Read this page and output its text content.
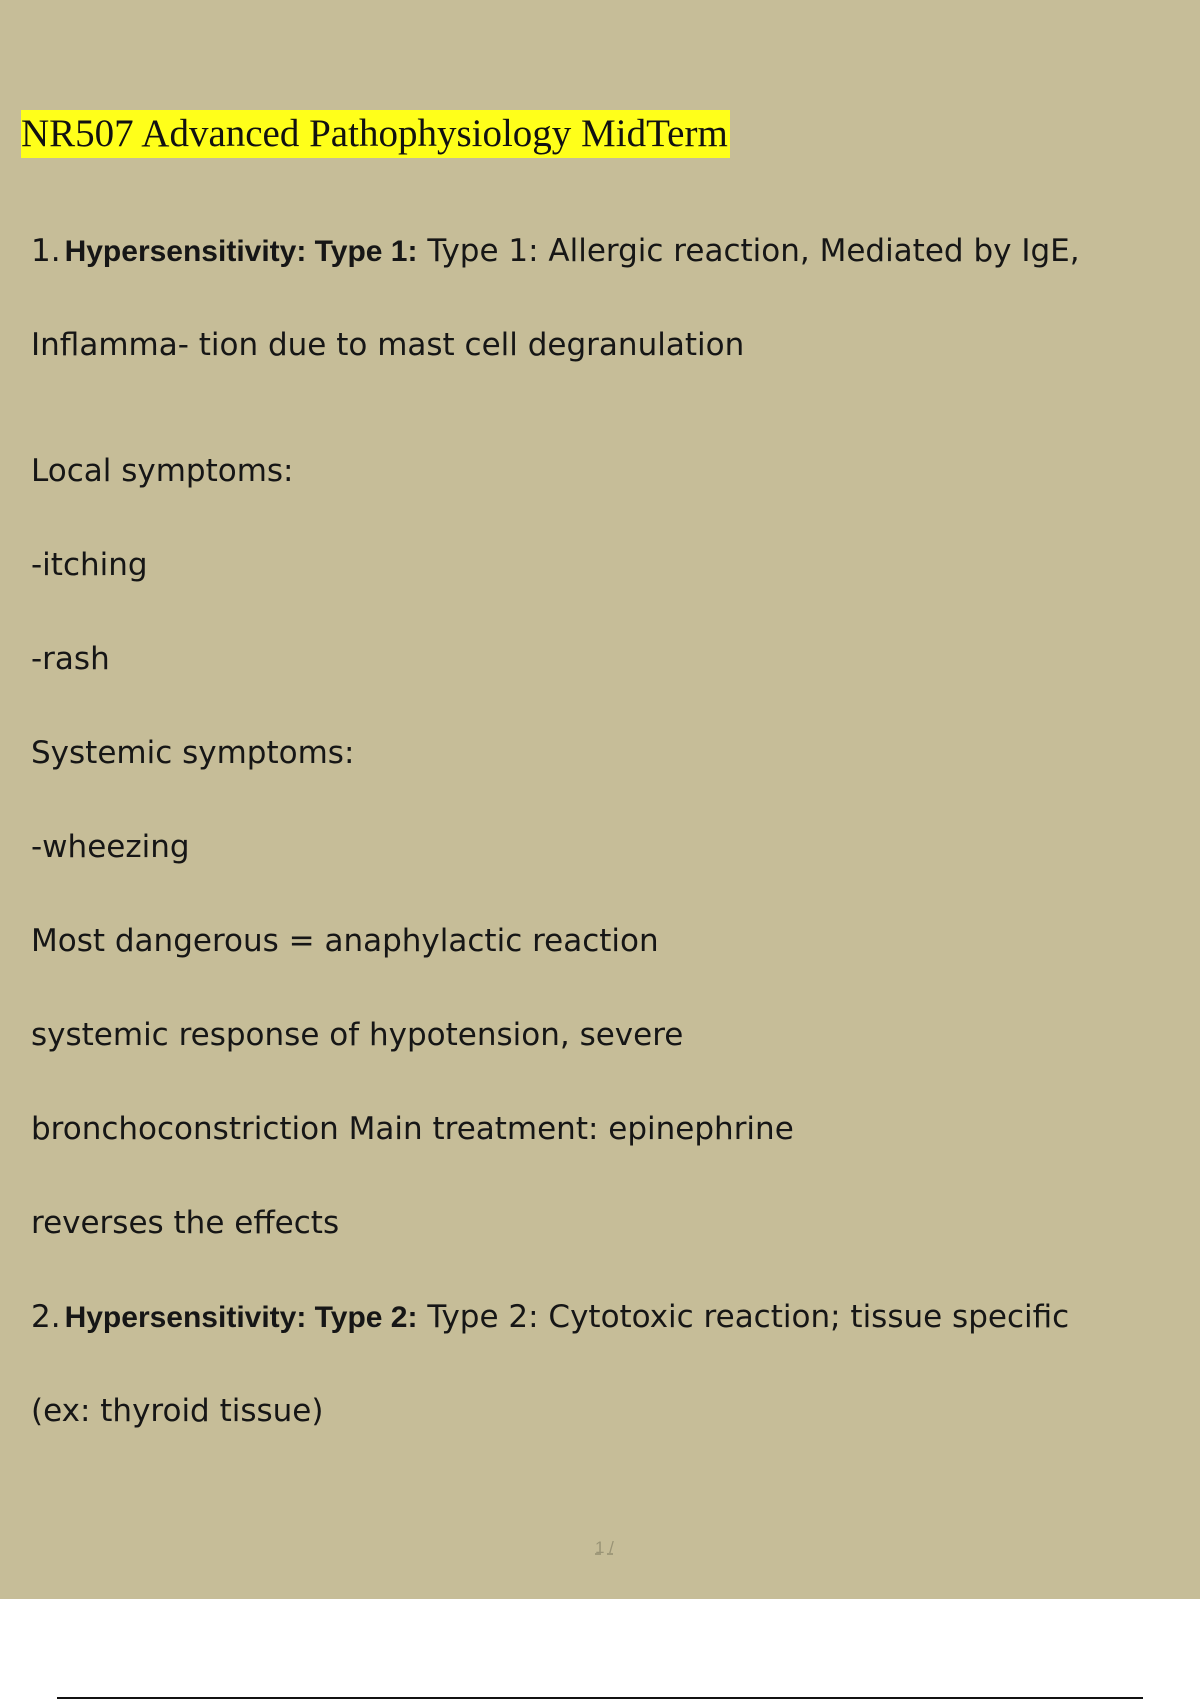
NR507 Advanced Pathophysiology MidTerm
1. Hypersensitivity: Type 1: Type 1: Allergic reaction, Mediated by IgE,
Inflamma- tion due to mast cell degranulation
Local symptoms:
-itching
-rash
Systemic symptoms:
-wheezing
Most dangerous = anaphylactic reaction
systemic response of hypotension, severe
bronchoconstriction Main treatment: epinephrine
reverses the effects
2. Hypersensitivity: Type 2: Type 2: Cytotoxic reaction; tissue specific
(ex: thyroid tissue)
1 /
